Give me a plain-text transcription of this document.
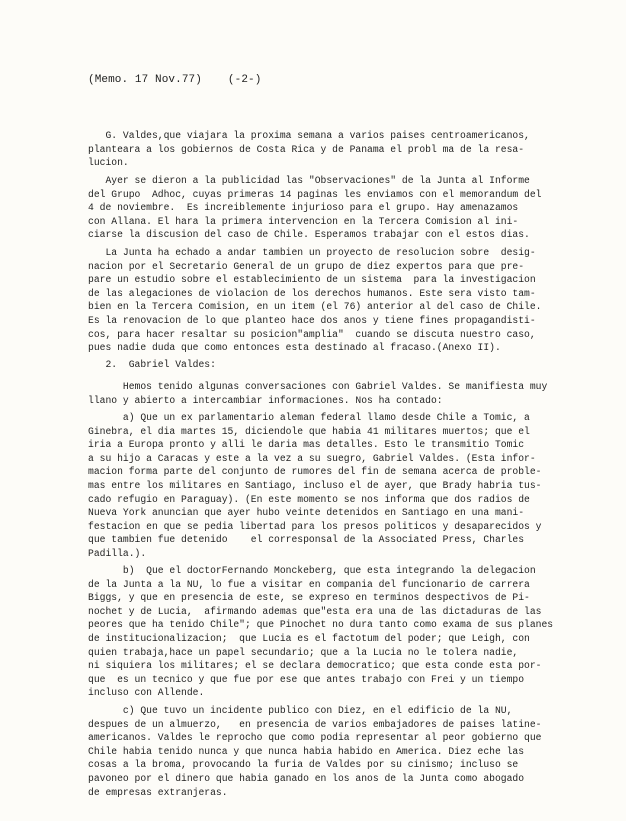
(Memo. 17 Nov.77) (-2-)
G. Valdes,que viajara la proxima semana a varios paises centroamericanos,
planteara a los gobiernos de Costa Rica y de Panama el probl ma de la resa-
lucion.
Ayer se dieron a la publicidad las "Observaciones" de la Junta al Informe
del Grupo  Adhoc, cuyas primeras 14 paginas les enviamos con el memorandum del
4 de noviembre.  Es increiblemente injurioso para el grupo. Hay amenazamos
con Allana. El hara la primera intervencion en la Tercera Comision al ini-
ciarse la discusion del caso de Chile. Esperamos trabajar con el estos dias.
La Junta ha echado a andar tambien un proyecto de resolucion sobre  desig-
nacion por el Secretario General de un grupo de diez expertos para que pre-
pare un estudio sobre el establecimiento de un sistema  para la investigacion
de las alegaciones de violacion de los derechos humanos. Este sera visto tam-
bien en la Tercera Comision, en un item (el 76) anterior al del caso de Chile.
Es la renovacion de lo que planteo hace dos anos y tiene fines propagandisti-
cos, para hacer resaltar su posicion"amplia"  cuando se discuta nuestro caso,
pues nadie duda que como entonces esta destinado al fracaso.(Anexo II).
2.  Gabriel Valdes:
Hemos tenido algunas conversaciones con Gabriel Valdes. Se manifiesta muy
llano y abierto a intercambiar informaciones. Nos ha contado:
a) Que un ex parlamentario aleman federal llamo desde Chile a Tomic, a
Ginebra, el dia martes 15, diciendole que habia 41 militares muertos; que el
iria a Europa pronto y alli le daria mas detalles. Esto le transmitio Tomic
a su hijo a Caracas y este a la vez a su suegro, Gabriel Valdes. (Esta infor-
macion forma parte del conjunto de rumores del fin de semana acerca de proble-
mas entre los militares en Santiago, incluso el de ayer, que Brady habria tus-
cado refugio en Paraguay). (En este momento se nos informa que dos radios de
Nueva York anuncian que ayer hubo veinte detenidos en Santiago en una mani-
festacion en que se pedia libertad para los presos politicos y desaparecidos y
que tambien fue detenido    el corresponsal de la Associated Press, Charles
Padilla.).
b)  Que el doctorFernando Monckeberg, que esta integrando la delegacion
de la Junta a la NU, lo fue a visitar en compania del funcionario de carrera
Biggs, y que en presencia de este, se expreso en terminos despectivos de Pi-
nochet y de Lucia,  afirmando ademas que"esta era una de las dictaduras de las
peores que ha tenido Chile"; que Pinochet no dura tanto como exama de sus planes
de institucionalizacion;  que Lucia es el factotum del poder; que Leigh, con
quien trabaja,hace un papel secundario; que a la Lucia no le tolera nadie,
ni siquiera los militares; el se declara democratico; que esta conde esta por-
que  es un tecnico y que fue por ese que antes trabajo con Frei y un tiempo
incluso con Allende.
c) Que tuvo un incidente publico con Diez, en el edificio de la NU,
despues de un almuerzo,   en presencia de varios embajadores de paises latine-
americanos. Valdes le reprocho que como podia representar al peor gobierno que
Chile habia tenido nunca y que nunca habia habido en America. Diez eche las
cosas a la broma, provocando la furia de Valdes por su cinismo; incluso se
pavoneo por el dinero que habia ganado en los anos de la Junta como abogado
de empresas extranjeras.
